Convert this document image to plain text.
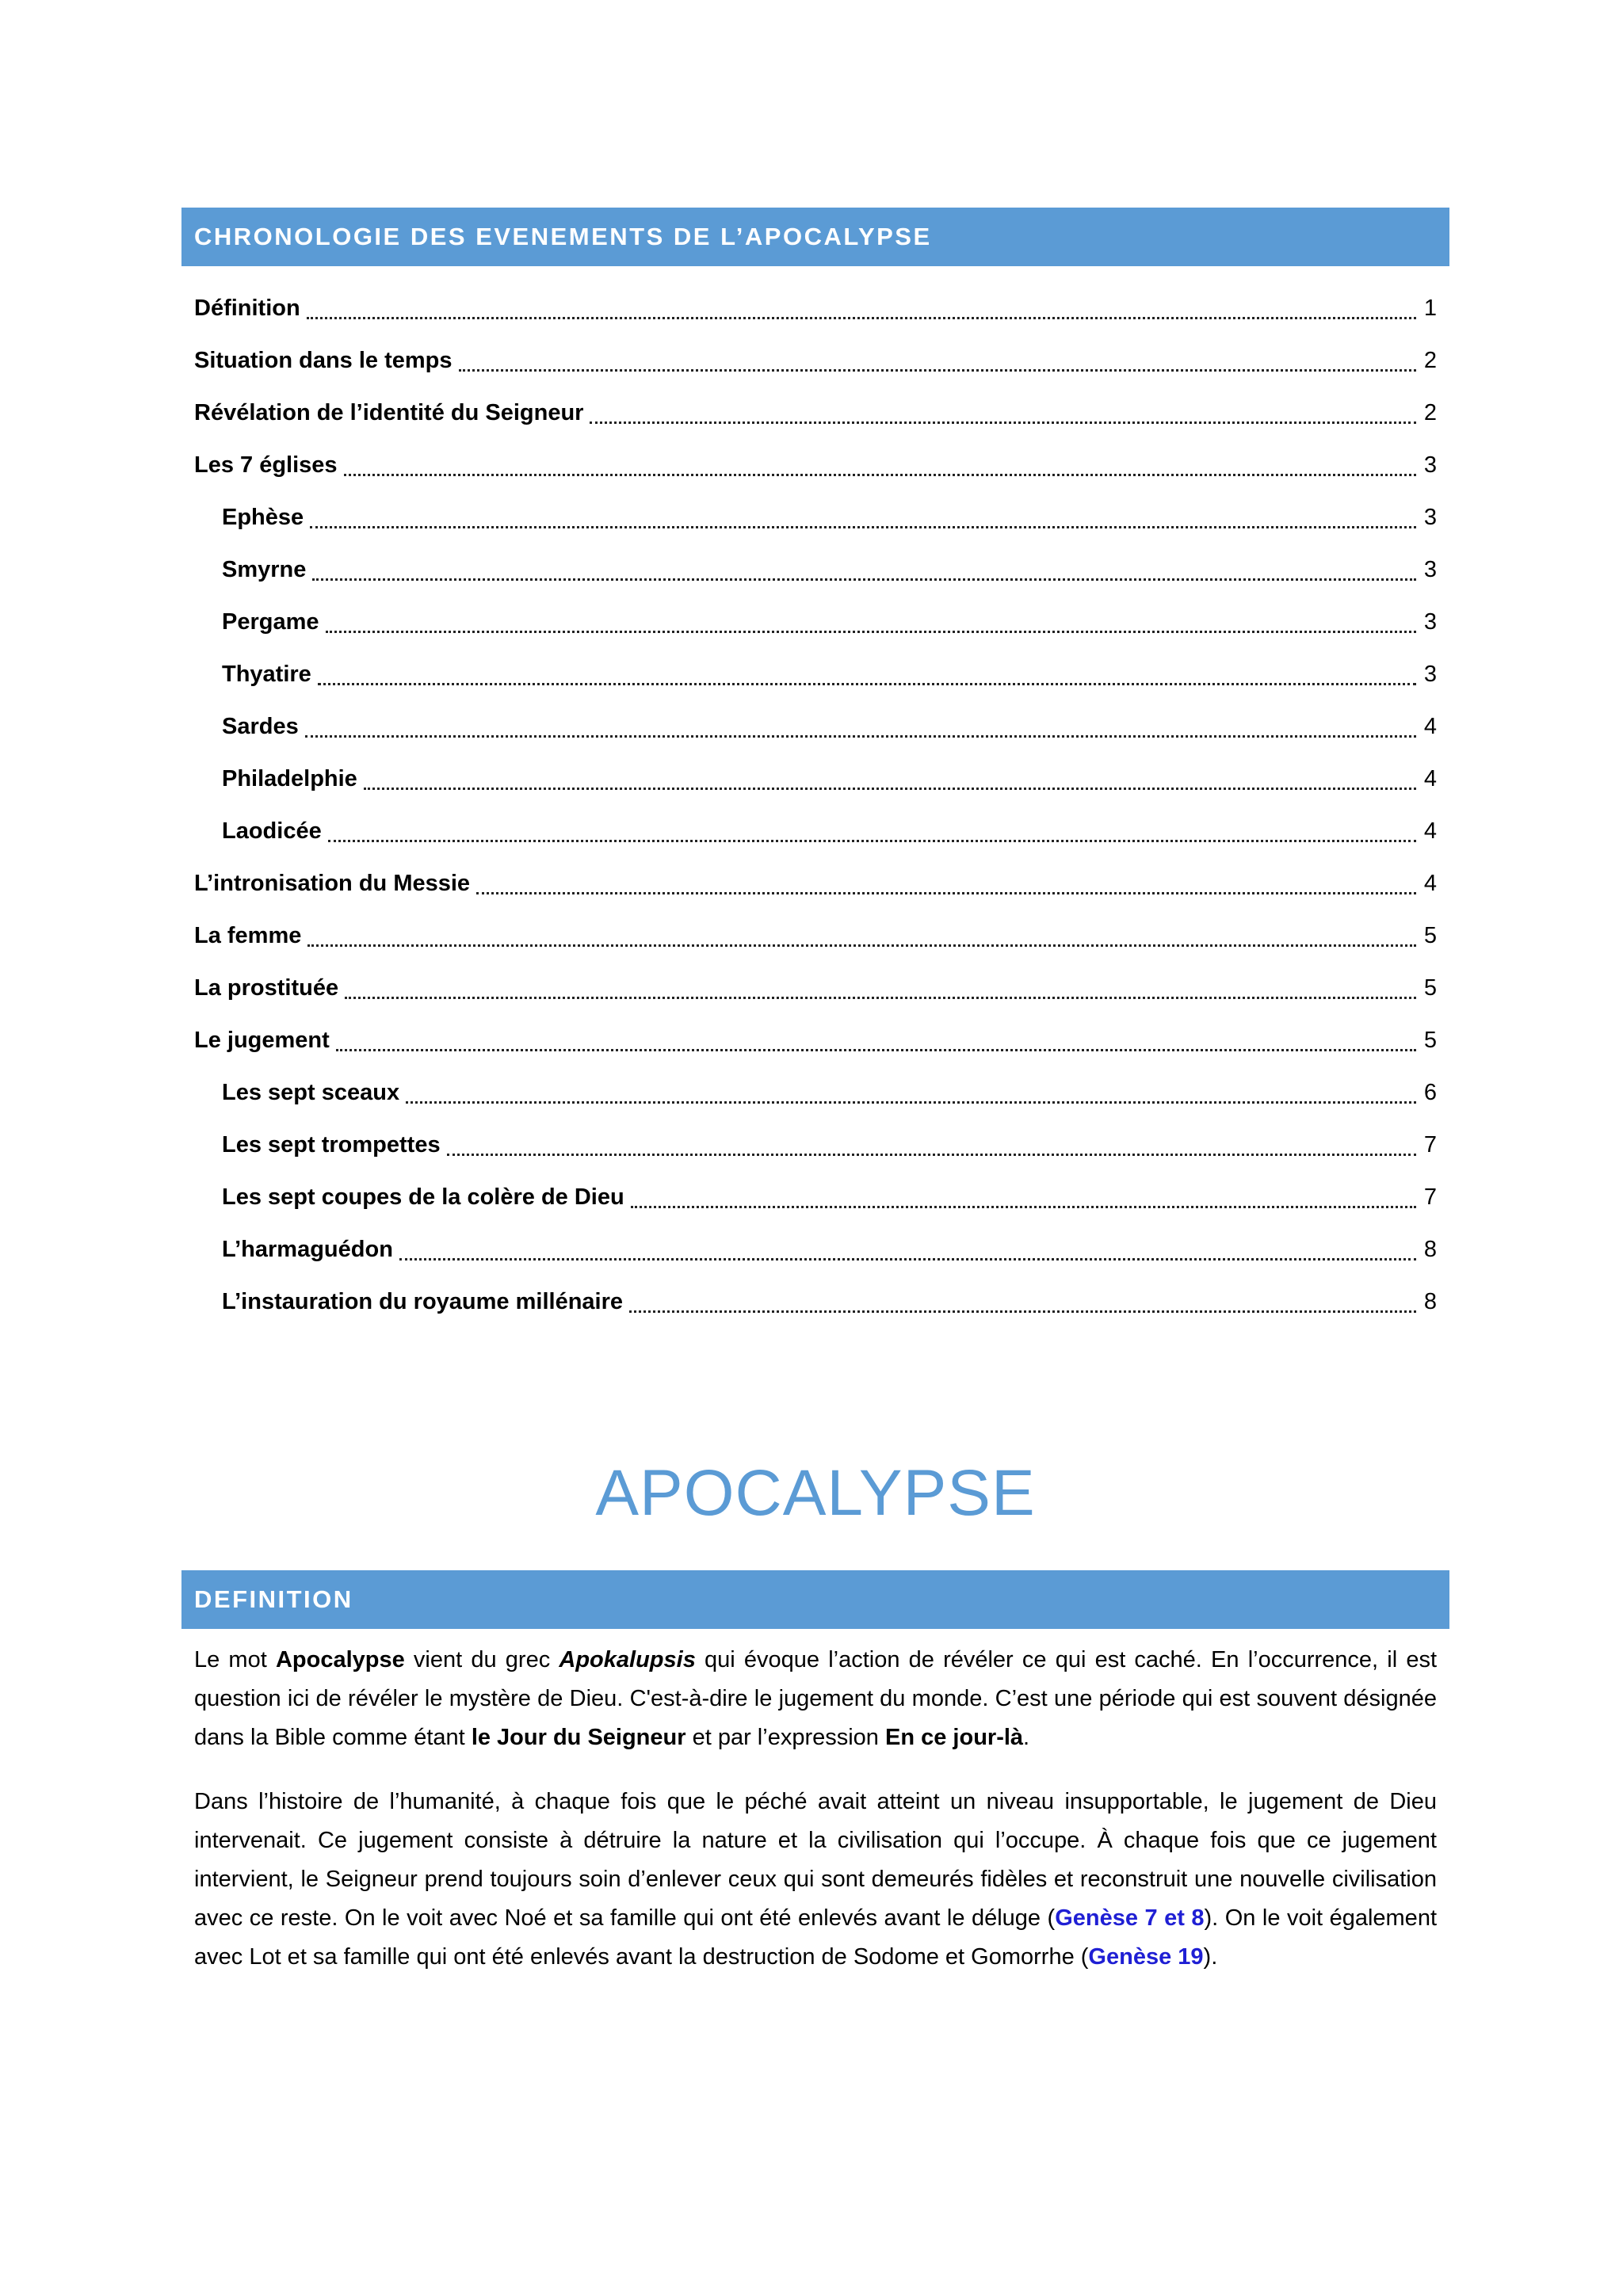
CHRONOLOGIE DES EVENEMENTS DE L’APOCALYPSE
Définition	1
Situation dans le temps	2
Révélation de l’identité du Seigneur	2
Les 7 églises	3
Ephèse	3
Smyrne	3
Pergame	3
Thyatire	3
Sardes	4
Philadelphie	4
Laodicée	4
L’intronisation du Messie	4
La femme	5
La prostituée	5
Le jugement	5
Les sept sceaux	6
Les sept trompettes	7
Les sept coupes de la colère de Dieu	7
L’harmaguédon	8
L’instauration du royaume millénaire	8
APOCALYPSE
DEFINITION

Le mot Apocalypse vient du grec Apokalupsis qui évoque l’action de révéler ce qui est caché. En l’occurrence, il est question ici de révéler le mystère de Dieu. C'est-à-dire le jugement du monde. C’est une période qui est souvent désignée dans la Bible comme étant le Jour du Seigneur et par l’expression En ce jour-là.

Dans l’histoire de l’humanité, à chaque fois que le péché avait atteint un niveau insupportable, le jugement de Dieu intervenait. Ce jugement consiste à détruire la nature et la civilisation qui l’occupe. À chaque fois que ce jugement intervient, le Seigneur prend toujours soin d’enlever ceux qui sont demeurés fidèles et reconstruit une nouvelle civilisation avec ce reste. On le voit avec Noé et sa famille qui ont été enlevés avant le déluge (Genèse 7 et 8). On le voit également avec Lot et sa famille qui ont été enlevés avant la destruction de Sodome et Gomorrhe (Genèse 19).
